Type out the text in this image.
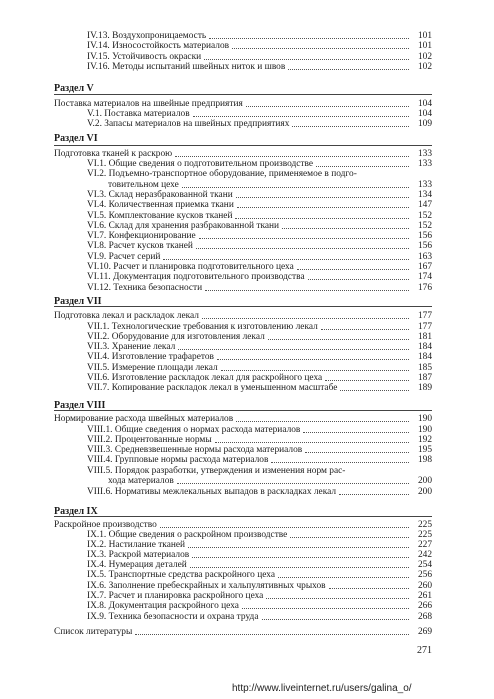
IV.13. Воздухопроницаемость	101
IV.14. Износостойкость материалов	101
IV.15. Устойчивость окраски	102
IV.16. Методы испытаний швейных ниток и швов	102
Раздел V
Поставка материалов на швейные предприятия	104
V.1. Поставка материалов	104
V.2. Запасы материалов на швейных предприятиях	109
Раздел VI
Подготовка тканей к раскрою	133
VI.1. Общие сведения о подготовительном производстве	133
VI.2. Подъемно-транспортное оборудование, применяемое в подго-
товительном цехе	133
VI.3. Склад неразбракованной ткани	134
VI.4. Количественная приемка ткани	147
VI.5. Комплектование кусков тканей	152
VI.6. Склад для хранения разбракованной ткани	152
VI.7. Конфекционирование	156
VI.8. Расчет кусков тканей	156
VI.9. Расчет серий	163
VI.10. Расчет и планировка подготовительного цеха	167
VI.11. Документация подготовительного производства	174
VI.12. Техника безопасности	176
Раздел VII
Подготовка лекал и раскладок лекал	177
VII.1. Технологические требования к изготовлению лекал	177
VII.2. Оборудование для изготовления лекал	181
VII.3. Хранение лекал	184
VII.4. Изготовление трафаретов	184
VII.5. Измерение площади лекал	185
VII.6. Изготовление раскладок лекал для раскройного цеха	187
VII.7. Копирование раскладок лекал в уменьшенном масштабе	189
Раздел VIII
Нормирование расхода швейных материалов	190
VIII.1. Общие сведения о нормах расхода материалов	190
VIII.2. Процентованные нормы	192
VIII.3. Средневзвешенные нормы расхода материалов	195
VIII.4. Групповые нормы расхода материалов	198
VIII.5. Порядок разработки, утверждения и изменения норм рас-
хода материалов	200
VIII.6. Нормативы межлекальных выпадов в раскладках лекал	200
Раздел IX
Раскройное производство	225
IX.1. Общие сведения о раскройном производстве	225
IX.2. Настилание тканей	227
IX.3. Раскрой материалов	242
IX.4. Нумерация деталей	254
IX.5. Транспортные средства раскройного цеха	256
IX.6. Заполнение пребескрайных и хальпулятивных чрыхов	260
IX.7. Расчет и планировка раскройного цеха	261
IX.8. Документация раскройного цеха	266
IX.9. Техника безопасности и охрана труда	268
Список литературы	269
271
http://www.liveinternet.ru/users/galina_o/
